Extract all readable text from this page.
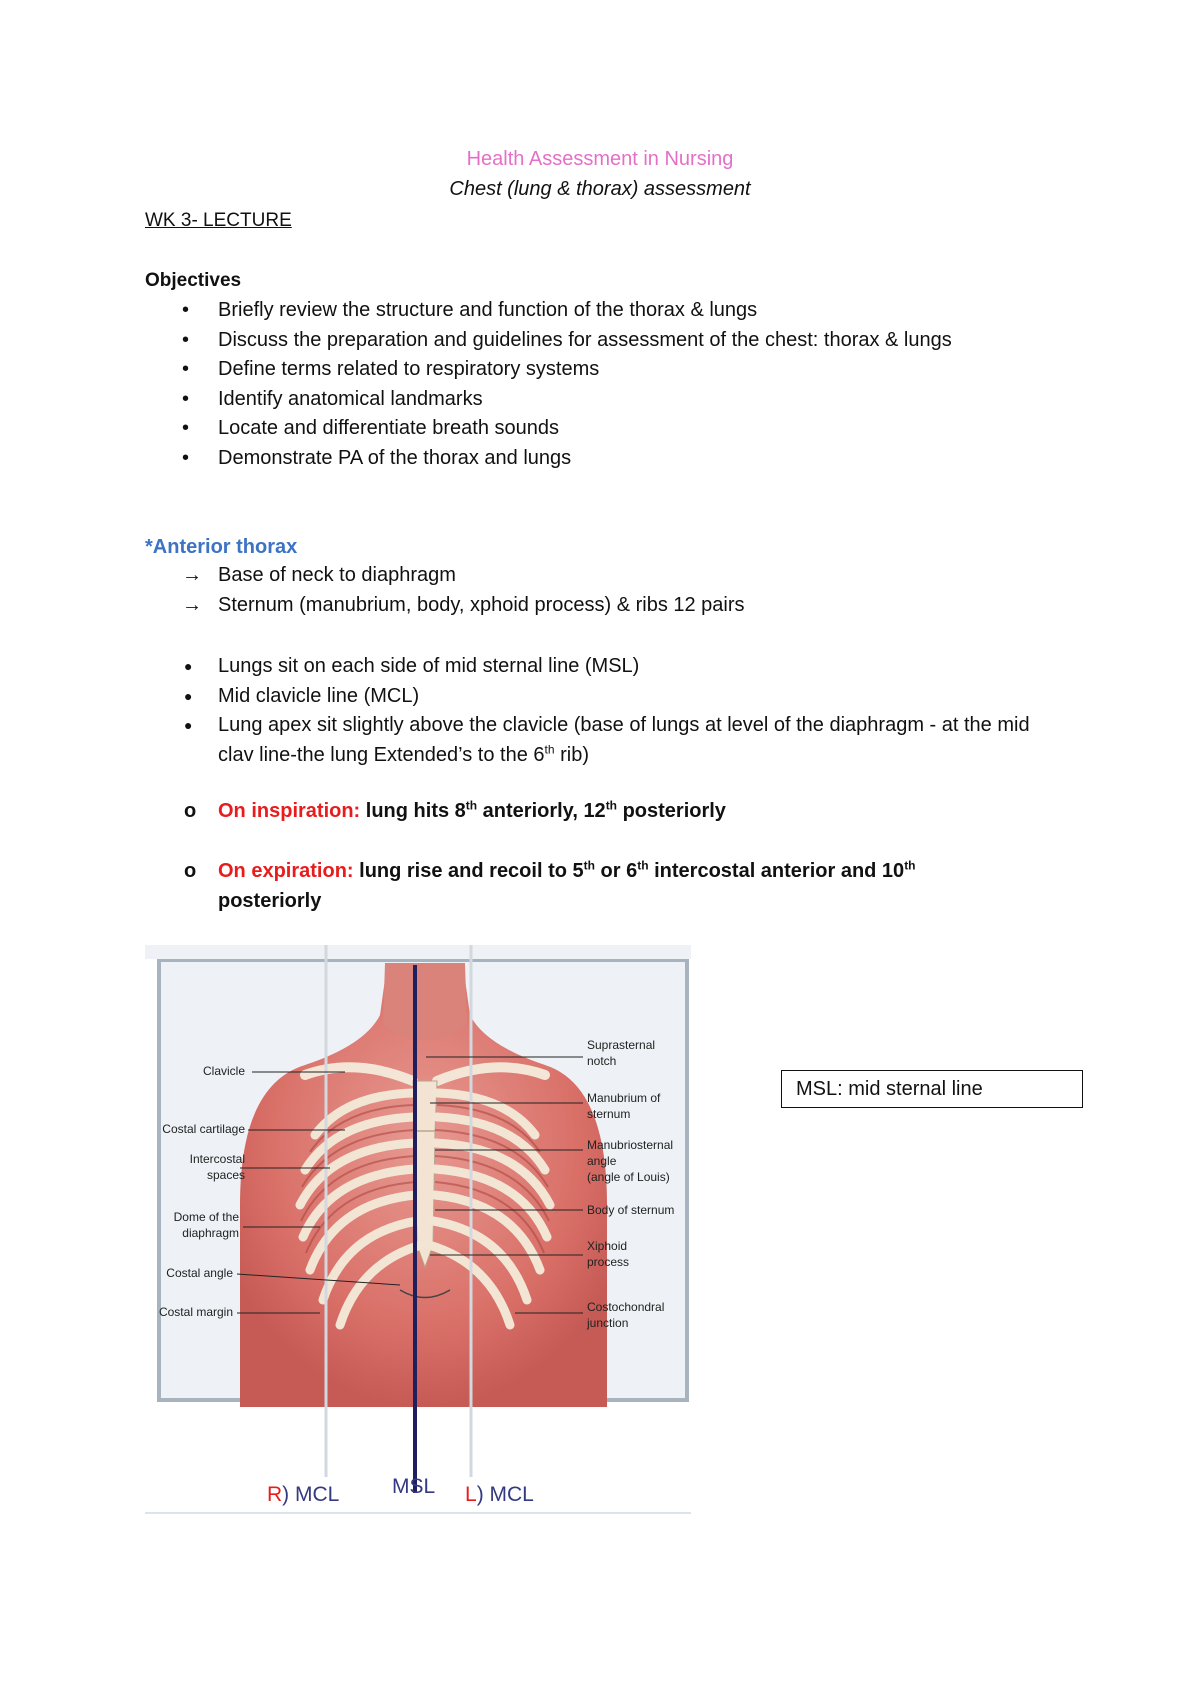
Health Assessment in Nursing
Chest (lung & thorax) assessment
WK 3- LECTURE
Objectives
• Briefly review the structure and function of the thorax & lungs
• Discuss the preparation and guidelines for assessment of the chest: thorax & lungs
• Define terms related to respiratory systems
• Identify anatomical landmarks
• Locate and differentiate breath sounds
• Demonstrate PA of the thorax and lungs
*Anterior thorax
→ Base of neck to diaphragm
→ Sternum (manubrium, body, xphoid process) & ribs 12 pairs
● Lungs sit on each side of mid sternal line (MSL)
● Mid clavicle line (MCL)
● Lung apex sit slightly above the clavicle (base of lungs at level of the diaphragm - at the mid clav line-the lung Extended’s to the 6th rib)
o On inspiration: lung hits 8th anteriorly, 12th posteriorly
o On expiration: lung rise and recoil to 5th or 6th intercostal anterior and 10th
posteriorly
Clavicle
Costal cartilage
Intercostal
spaces
Dome of the
diaphragm
Costal angle
Costal margin
Suprasternal
notch
Manubrium of
sternum
Manubriosternal
angle
(angle of Louis)
Body of sternum
Xiphoid
process
Costochondral
junction
R) MCL	MSL L) MCL
MSL: mid sternal line
